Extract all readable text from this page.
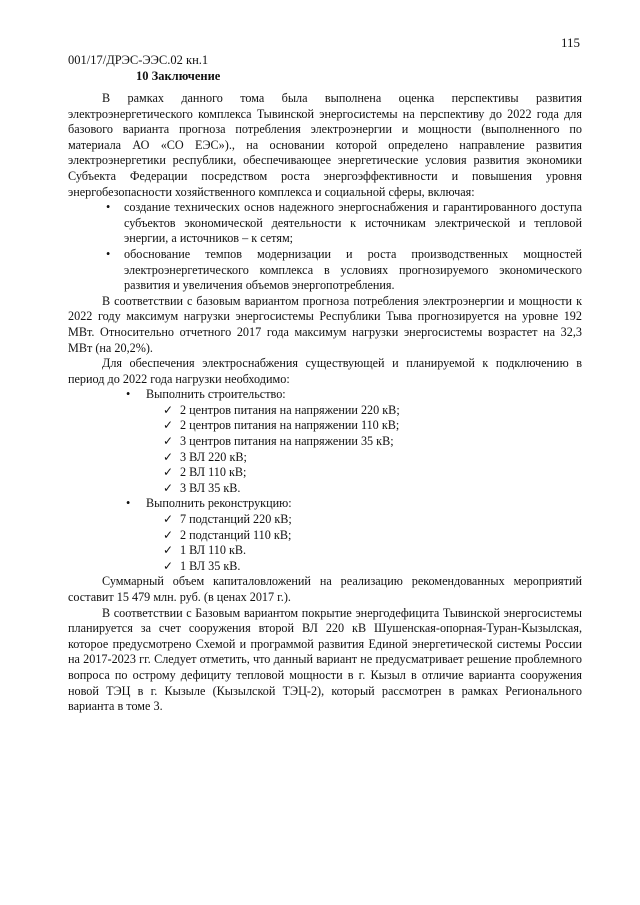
115
001/17/ДРЭС-ЭЭС.02 кн.1
10 Заключение

В рамках данного тома была выполнена оценка перспективы развития электроэнергетического комплекса Тывинской энергосистемы на перспективу до 2022 года для базового варианта прогноза потребления электроэнергии и мощности (выполненного по материала АО «СО ЕЭС»)., на основании которой определено направление развития электроэнергетики республики, обеспечивающее энергетические условия развития экономики Субъекта Федерации посредством роста энергоэффективности и повышения уровня энергобезопасности хозяйственного комплекса и социальной сферы, включая:

• создание технических основ надежного энергоснабжения и гарантированного доступа субъектов экономической деятельности к источникам электрической и тепловой энергии, а источников – к сетям;
• обоснование темпов модернизации и роста производственных мощностей электроэнергетического комплекса в условиях прогнозируемого экономического развития и увеличения объемов энергопотребления.

В соответствии с базовым вариантом прогноза потребления электроэнергии и мощности к 2022 году максимум нагрузки энергосистемы Республики Тыва прогнозируется на уровне 192 МВт. Относительно отчетного 2017 года максимум нагрузки энергосистемы возрастет на 32,3 МВт (на 20,2%).

Для обеспечения электроснабжения существующей и планируемой к подключению в период до 2022 года нагрузки необходимо:

• Выполнить строительство:
✓ 2 центров питания на напряжении 220 кВ;
✓ 2 центров питания на напряжении 110 кВ;
✓ 3 центров питания на напряжении 35 кВ;
✓ 3 ВЛ 220 кВ;
✓ 2 ВЛ 110 кВ;
✓ 3 ВЛ 35 кВ.
• Выполнить реконструкцию:
✓ 7 подстанций 220 кВ;
✓ 2 подстанций 110 кВ;
✓ 1 ВЛ 110 кВ.
✓ 1 ВЛ 35 кВ.

Суммарный объем капиталовложений на реализацию рекомендованных мероприятий составит 15 479 млн. руб. (в ценах 2017 г.).

В соответствии с Базовым вариантом покрытие энергодефицита Тывинской энергосистемы планируется за счет сооружения второй ВЛ 220 кВ Шушенская-опорная-Туран-Кызылская, которое предусмотрено Схемой и программой развития Единой энергетической системы России на 2017-2023 гг. Следует отметить, что данный вариант не предусматривает решение проблемного вопроса по острому дефициту тепловой мощности в г. Кызыл в отличие варианта сооружения новой ТЭЦ в г. Кызыле (Кызылской ТЭЦ-2), который рассмотрен в рамках Регионального варианта в томе 3.
